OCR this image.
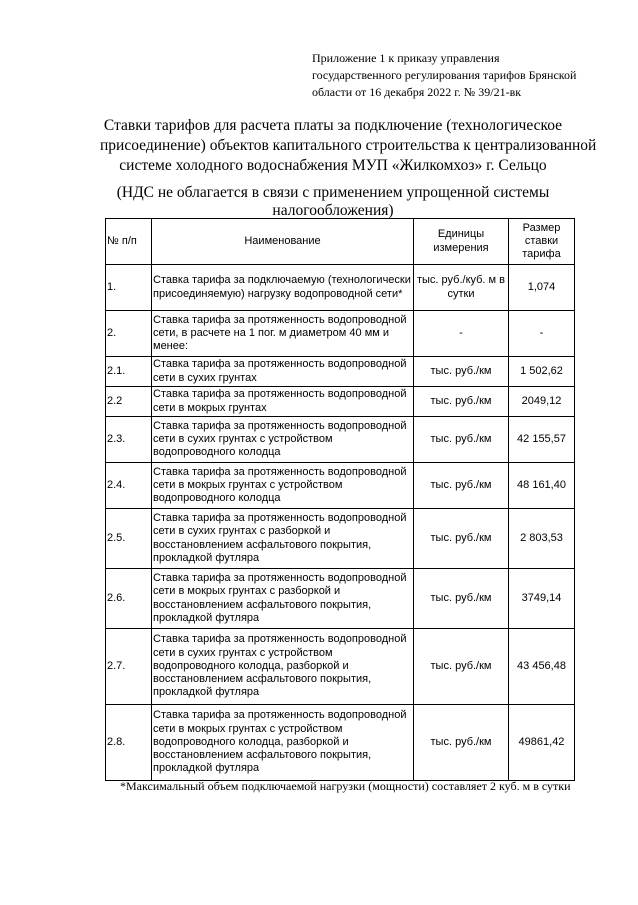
Приложение 1 к приказу управления
государственного регулирования тарифов Брянской
области от 16 декабря 2022 г. № 39/21-вк
Ставки тарифов для расчета платы за подключение (технологическое
присоединение) объектов капитального строительства к централизованной
системе холодного водоснабжения МУП «Жилкомхоз» г. Сельцо
(НДС не облагается в связи с применением упрощенной системы
налогообложения)
№ п/п	Наименование	Единицы измерения	Размер ставки тарифа
1.	Ставка тарифа за подключаемую (технологически присоединяемую) нагрузку водопроводной сети*	тыс. руб./куб. м в сутки	1,074
2.	Ставка тарифа за протяженность водопроводной сети, в расчете на 1 пог. м диаметром 40 мм и менее:	-	-
2.1.	Ставка тарифа за протяженность водопроводной сети в сухих грунтах	тыс. руб./км	1 502,62
2.2	Ставка тарифа за протяженность водопроводной сети в мокрых грунтах	тыс. руб./км	2049,12
2.3.	Ставка тарифа за протяженность водопроводной сети в сухих грунтах с устройством водопроводного колодца	тыс. руб./км	42 155,57
2.4.	Ставка тарифа за протяженность водопроводной сети в мокрых грунтах с устройством водопроводного колодца	тыс. руб./км	48 161,40
2.5.	Ставка тарифа за протяженность водопроводной сети в сухих грунтах с разборкой и восстановлением асфальтового покрытия, прокладкой футляра	тыс. руб./км	2 803,53
2.6.	Ставка тарифа за протяженность водопроводной сети в мокрых грунтах с разборкой и восстановлением асфальтового покрытия, прокладкой футляра	тыс. руб./км	3749,14
2.7.	Ставка тарифа за протяженность водопроводной сети в сухих грунтах с устройством водопроводного колодца, разборкой и восстановлением асфальтового покрытия, прокладкой футляра	тыс. руб./км	43 456,48
2.8.	Ставка тарифа за протяженность водопроводной сети в мокрых грунтах с устройством водопроводного колодца, разборкой и восстановлением асфальтового покрытия, прокладкой футляра	тыс. руб./км	49861,42
*Максимальный объем подключаемой нагрузки (мощности) составляет 2 куб. м в сутки
